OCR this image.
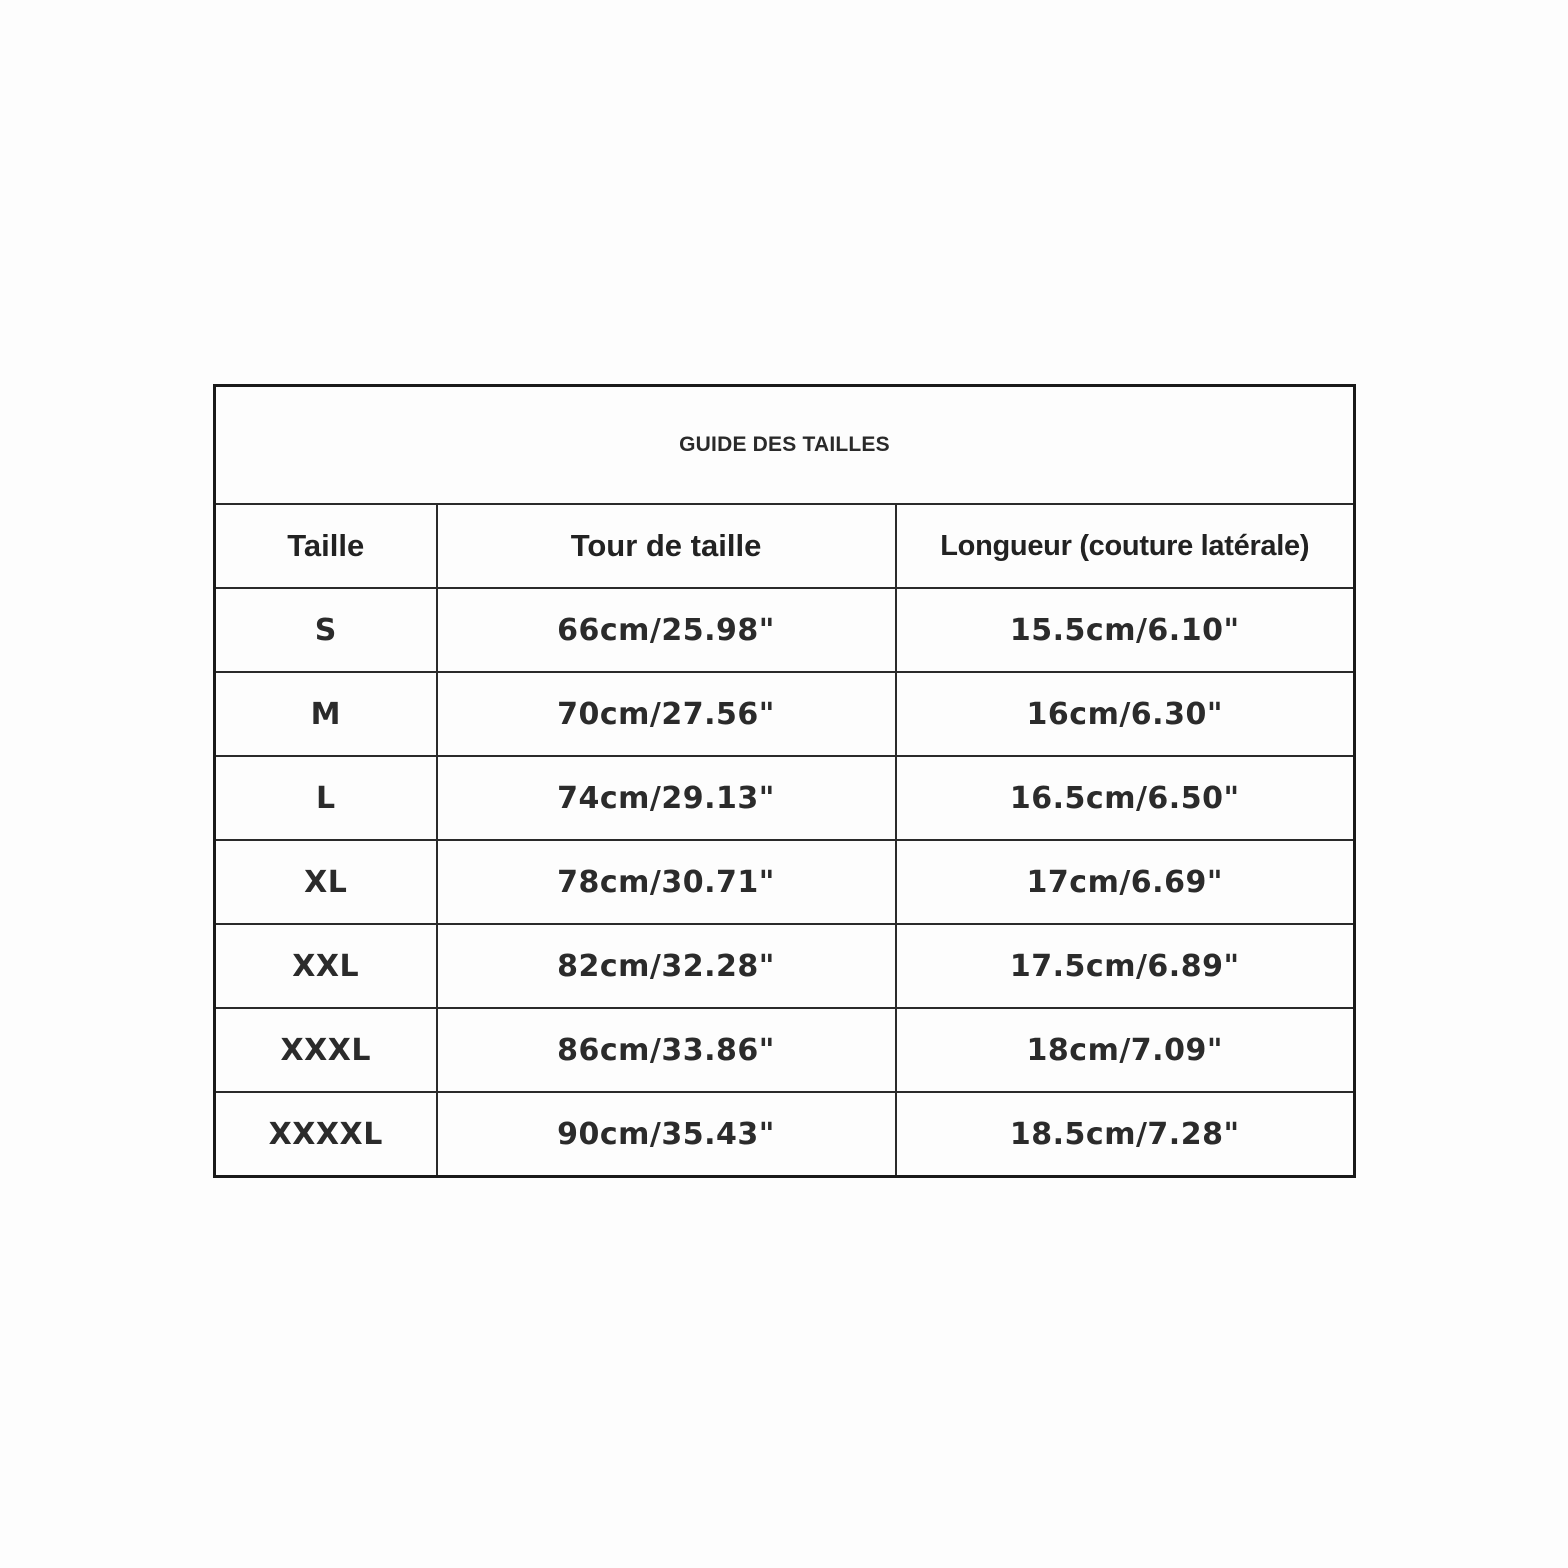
GUIDE DES TAILLES		
Taille	Tour de taille	Longueur (couture latérale)
S	66cm/25.98"	15.5cm/6.10"
M	70cm/27.56"	16cm/6.30"
L	74cm/29.13"	16.5cm/6.50"
XL	78cm/30.71"	17cm/6.69"
XXL	82cm/32.28"	17.5cm/6.89"
XXXL	86cm/33.86"	18cm/7.09"
XXXXL	90cm/35.43"	18.5cm/7.28"
